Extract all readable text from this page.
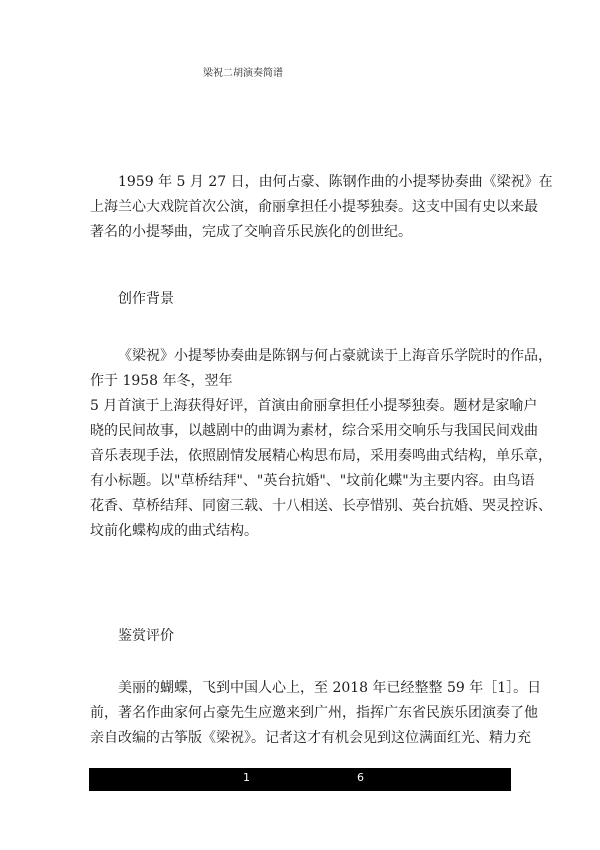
梁祝二胡演奏简谱
1959 年 5 月 27 日，由何占豪、陈钢作曲的小提琴协奏曲《梁祝》在
上海兰心大戏院首次公演，俞丽拿担任小提琴独奏。这支中国有史以来最
著名的小提琴曲，完成了交响音乐民族化的创世纪。
创作背景
《梁祝》小提琴协奏曲是陈钢与何占豪就读于上海音乐学院时的作品，
作于 1958 年冬，翌年
5 月首演于上海获得好评，首演由俞丽拿担任小提琴独奏。题材是家喻户
晓的民间故事，以越剧中的曲调为素材，综合采用交响乐与我国民间戏曲
音乐表现手法，依照剧情发展精心构思布局，采用奏鸣曲式结构，单乐章，
有小标题。以"草桥结拜"、"英台抗婚"、"坟前化蝶"为主要内容。由鸟语
花香、草桥结拜、同窗三载、十八相送、长亭惜别、英台抗婚、哭灵控诉、
坟前化蝶构成的曲式结构。
鉴赏评价
美丽的蝴蝶，飞到中国人心上，至 2018 年已经整整 59 年［1］。日
前，著名作曲家何占豪先生应邀来到广州，指挥广东省民族乐团演奏了他
亲自改编的古筝版《梁祝》。记者这才有机会见到这位满面红光、精力充
1	6
